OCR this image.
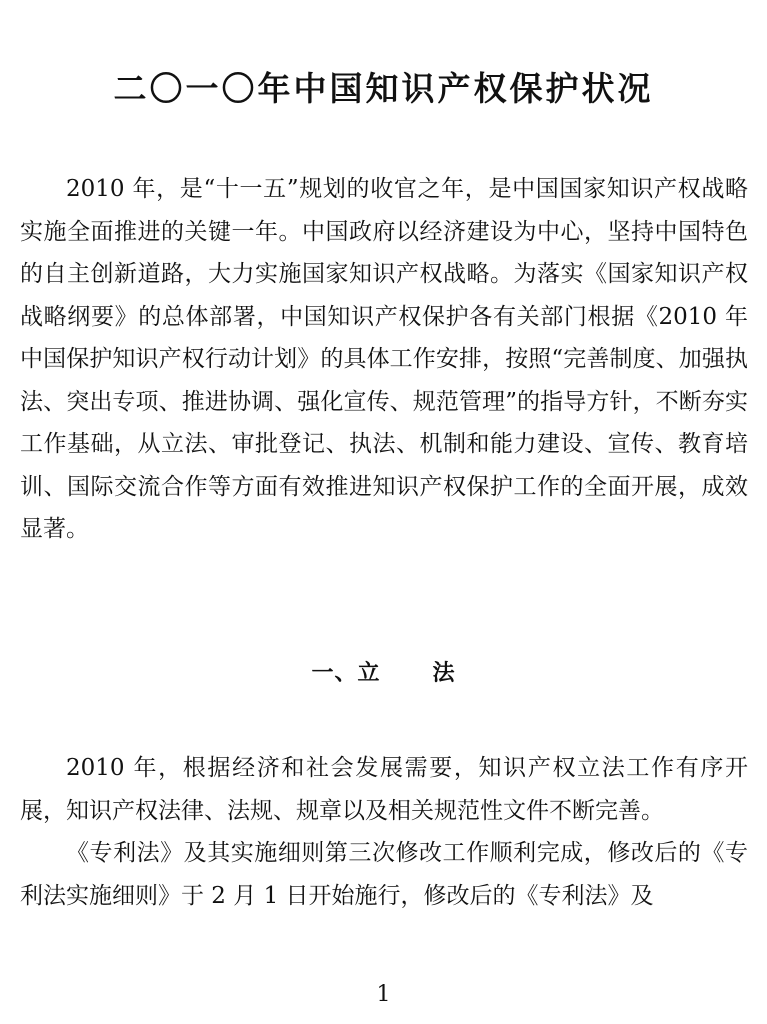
二〇一〇年中国知识产权保护状况

2010 年，是“十一五”规划的收官之年，是中国国家知识产权战略实施全面推进的关键一年。中国政府以经济建设为中心，坚持中国特色的自主创新道路，大力实施国家知识产权战略。为落实《国家知识产权战略纲要》的总体部署，中国知识产权保护各有关部门根据《2010 年中国保护知识产权行动计划》的具体工作安排，按照“完善制度、加强执法、突出专项、推进协调、强化宣传、规范管理”的指导方针，不断夯实工作基础，从立法、审批登记、执法、机制和能力建设、宣传、教育培训、国际交流合作等方面有效推进知识产权保护工作的全面开展，成效显著。

一、立 法

2010 年，根据经济和社会发展需要，知识产权立法工作有序开展，知识产权法律、法规、规章以及相关规范性文件不断完善。

《专利法》及其实施细则第三次修改工作顺利完成，修改后的《专利法实施细则》于 2 月 1 日开始施行，修改后的《专利法》及

1
